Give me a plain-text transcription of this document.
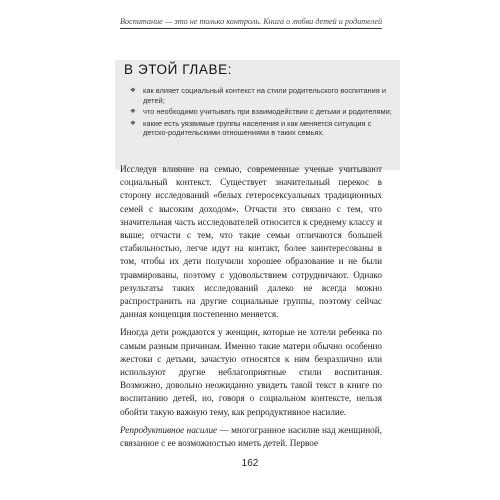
Воспитание — это не только контроль. Книга о любви детей и родителей
В ЭТОЙ ГЛАВЕ:
❖ как влияет социальный контекст на стили родительского воспитания и детей;
❖ что необходимо учитывать при взаимодействии с детьми и родителями;
❖ какие есть уязвимые группы населения и как меняется ситуация с детско-родительскими отношениями в таких семьях.

Исследуя влияние на семью, современные ученые учитывают социальный контекст. Существует значительный перекос в сторону исследований «белых гетеросексуальных традиционных семей с высоким доходом». Отчасти это связано с тем, что значительная часть исследователей относится к среднему классу и выше; отчасти с тем, что такие семьи отличаются большей стабильностью, легче идут на контакт, более заинтересованы в том, чтобы их дети получили хорошее образование и не были травмированы, поэтому с удовольствием сотрудничают. Однако результаты таких исследований далеко не всегда можно распространить на другие социальные группы, поэтому сейчас данная концепция постепенно меняется.

Иногда дети рождаются у женщин, которые не хотели ребенка по самым разным причинам. Именно такие матери обычно особенно жестоки с детьми, зачастую относятся к ним безразлично или используют другие неблагоприятные стили воспитания. Возможно, довольно неожиданно увидеть такой текст в книге по воспитанию детей, но, говоря о социальном контексте, нельзя обойти такую важную тему, как репродуктивное насилие.

Репродуктивное насилие — многогранное насилие над женщиной, связанное с ее возможностью иметь детей. Первое

162
